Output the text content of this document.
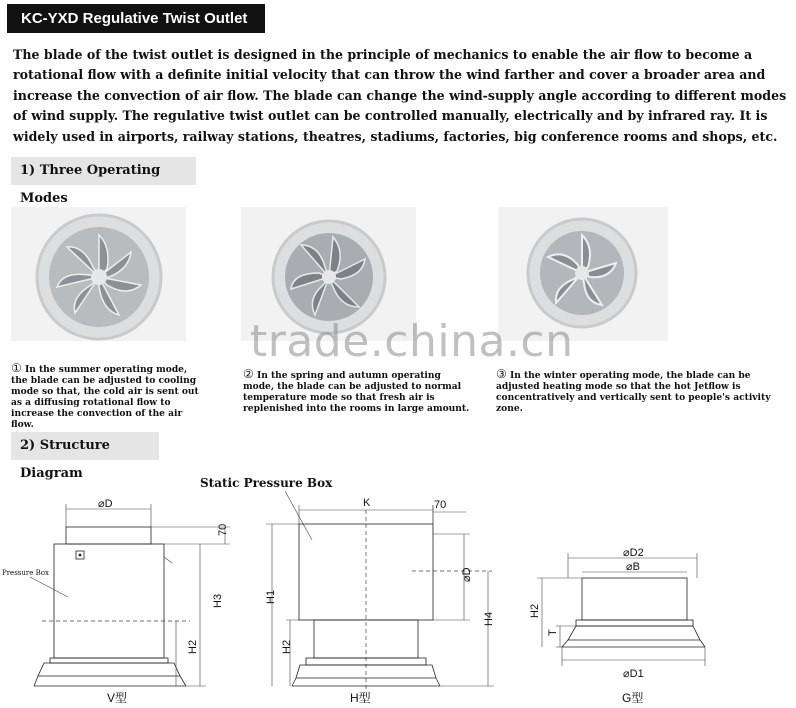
KC-YXD Regulative Twist Outlet

The blade of the twist outlet is designed in the principle of mechanics to enable the air flow to become a rotational flow with a definite initial velocity that can throw the wind farther and cover a broader area and increase the convection of air flow. The blade can change the wind-supply angle according to different modes of wind supply. The regulative twist outlet can be controlled manually, electrically and by infrared ray. It is widely used in airports, railway stations, theatres, stadiums, factories, big conference rooms and shops, etc.

1) Three Operating Modes
trade.china.cn

① In the summer operating mode, the blade can be adjusted to cooling mode so that, the cold air is sent out as a diffusing rotational flow to increase the convection of the air flow.

② In the spring and autumn operating mode, the blade can be adjusted to normal temperature mode so that fresh air is replenished into the rooms in large amount.

③ In the winter operating mode, the blade can be adjusted heating mode so that the hot Jetflow is concentratively and vertically sent to people's activity zone.

2) Structure Diagram
Static Pressure Box
⌀D
70
H3
H2
Pressure Box
V型
K	70
⌀D
H1
H2
H4
H型
⌀D2
⌀B
H2
T
⌀D1
G型
